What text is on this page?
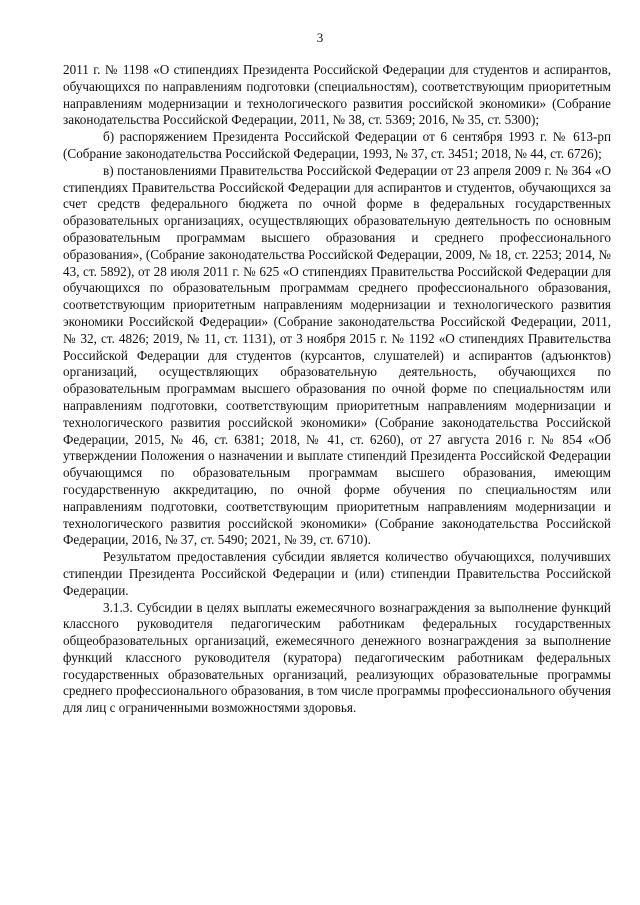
3

2011 г. № 1198 «О стипендиях Президента Российской Федерации для студентов и аспирантов, обучающихся по направлениям подготовки (специальностям), соответствующим приоритетным направлениям модернизации и технологического развития российской экономики» (Собрание законодательства Российской Федерации, 2011, № 38, ст. 5369; 2016, № 35, ст. 5300);

б) распоряжением Президента Российской Федерации от 6 сентября 1993 г. № 613-рп (Собрание законодательства Российской Федерации, 1993, № 37, ст. 3451; 2018, № 44, ст. 6726);

в) постановлениями Правительства Российской Федерации от 23 апреля 2009 г. № 364 «О стипендиях Правительства Российской Федерации для аспирантов и студентов, обучающихся за счет средств федерального бюджета по очной форме в федеральных государственных образовательных организациях, осуществляющих образовательную деятельность по основным образовательным программам высшего образования и среднего профессионального образования», (Собрание законодательства Российской Федерации, 2009, № 18, ст. 2253; 2014, № 43, ст. 5892), от 28 июля 2011 г. № 625 «О стипендиях Правительства Российской Федерации для обучающихся по образовательным программам среднего профессионального образования, соответствующим приоритетным направлениям модернизации и технологического развития экономики Российской Федерации» (Собрание законодательства Российской Федерации, 2011, № 32, ст. 4826; 2019, № 11, ст. 1131), от 3 ноября 2015 г. № 1192 «О стипендиях Правительства Российской Федерации для студентов (курсантов, слушателей) и аспирантов (адъюнктов) организаций, осуществляющих образовательную деятельность, обучающихся по образовательным программам высшего образования по очной форме по специальностям или направлениям подготовки, соответствующим приоритетным направлениям модернизации и технологического развития российской экономики» (Собрание законодательства Российской Федерации, 2015, № 46, ст. 6381; 2018, № 41, ст. 6260), от 27 августа 2016 г. № 854 «Об утверждении Положения о назначении и выплате стипендий Президента Российской Федерации обучающимся по образовательным программам высшего образования, имеющим государственную аккредитацию, по очной форме обучения по специальностям или направлениям подготовки, соответствующим приоритетным направлениям модернизации и технологического развития российской экономики» (Собрание законодательства Российской Федерации, 2016, № 37, ст. 5490; 2021, № 39, ст. 6710).

Результатом предоставления субсидии является количество обучающихся, получивших стипендии Президента Российской Федерации и (или) стипендии Правительства Российской Федерации.

3.1.3. Субсидии в целях выплаты ежемесячного вознаграждения за выполнение функций классного руководителя педагогическим работникам федеральных государственных общеобразовательных организаций, ежемесячного денежного вознаграждения за выполнение функций классного руководителя (куратора) педагогическим работникам федеральных государственных образовательных организаций, реализующих образовательные программы среднего профессионального образования, в том числе программы профессионального обучения для лиц с ограниченными возможностями здоровья.
